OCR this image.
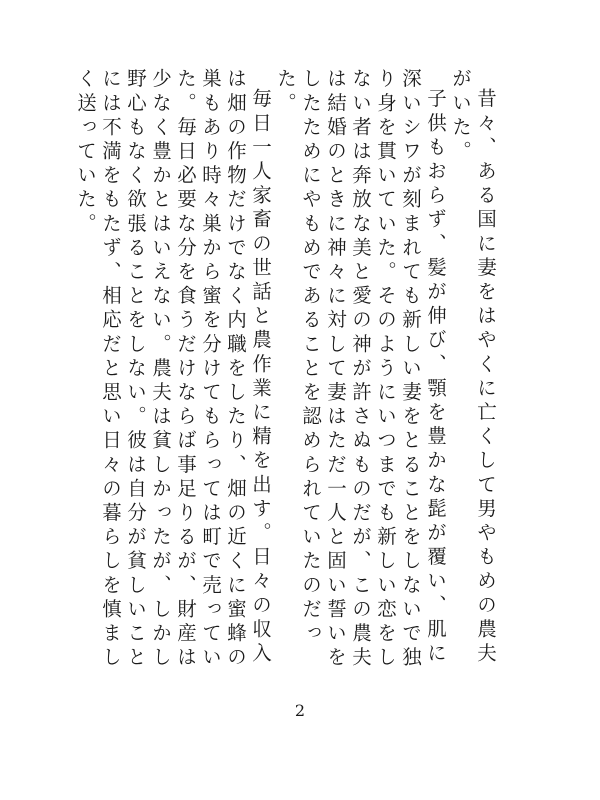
昔々、ある国に妻をはやくに亡くして男やもめの農夫がいた。

子供もおらず、髪が伸び、顎を豊かな髭が覆い、肌に深いシワが刻まれても新しい妻をとることをしないで独り身を貫いていた。そのようにいつまでも新しい恋をしない者は奔放な美と愛の神が許さぬものだが、この農夫は結婚のときに神々に対して妻はただ一人と固い誓いをしたためにやもめであることを認められていたのだった。

毎日一人家畜の世話と農作業に精を出す。日々の収入は畑の作物だけでなく内職をしたり、畑の近くに蜜蜂の巣もあり時々巣から蜜を分けてもらっては町で売っていた。毎日必要な分を食うだけならば事足りるが、財産は少なく豊かとはいえない。農夫は貧しかったが、しかし野心もなく欲張ることをしない。彼は自分が貧しいことには不満をもたず、相応だと思い日々の暮らしを慎ましく送っていた。

2
